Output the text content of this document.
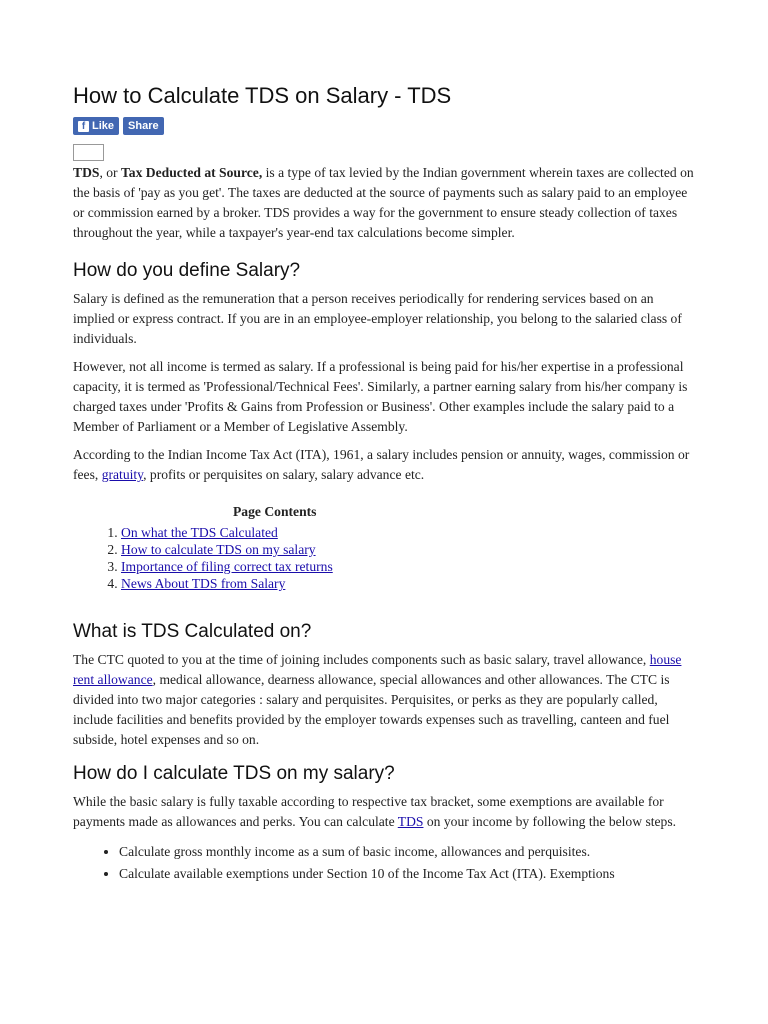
How to Calculate TDS on Salary - TDS
f Like Share

TDS, or Tax Deducted at Source, is a type of tax levied by the Indian government wherein taxes are collected on the basis of 'pay as you get'. The taxes are deducted at the source of payments such as salary paid to an employee or commission earned by a broker. TDS provides a way for the government to ensure steady collection of taxes throughout the year, while a taxpayer's year-end tax calculations become simpler.

How do you define Salary?

Salary is defined as the remuneration that a person receives periodically for rendering services based on an implied or express contract. If you are in an employee-employer relationship, you belong to the salaried class of individuals.

However, not all income is termed as salary. If a professional is being paid for his/her expertise in a professional capacity, it is termed as 'Professional/Technical Fees'. Similarly, a partner earning salary from his/her company is charged taxes under 'Profits & Gains from Profession or Business'. Other examples include the salary paid to a Member of Parliament or a Member of Legislative Assembly.

According to the Indian Income Tax Act (ITA), 1961, a salary includes pension or annuity, wages, commission or fees, gratuity, profits or perquisites on salary, salary advance etc.

Page Contents
1. On what the TDS Calculated
2. How to calculate TDS on my salary
3. Importance of filing correct tax returns
4. News About TDS from Salary
What is TDS Calculated on?

The CTC quoted to you at the time of joining includes components such as basic salary, travel allowance, house rent allowance, medical allowance, dearness allowance, special allowances and other allowances. The CTC is divided into two major categories : salary and perquisites. Perquisites, or perks as they are popularly called, include facilities and benefits provided by the employer towards expenses such as travelling, canteen and fuel subside, hotel expenses and so on.

How do I calculate TDS on my salary?

While the basic salary is fully taxable according to respective tax bracket, some exemptions are available for payments made as allowances and perks. You can calculate TDS on your income by following the below steps.

• Calculate gross monthly income as a sum of basic income, allowances and perquisites.
• Calculate available exemptions under Section 10 of the Income Tax Act (ITA). Exemptions
